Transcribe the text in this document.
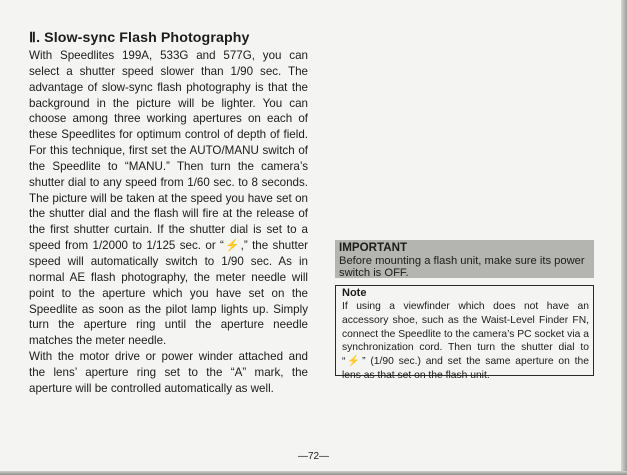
Ⅱ. Slow-sync Flash Photography
With Speedlites 199A, 533G and 577G, you can select a shutter speed slower than 1/90 sec. The advantage of slow-sync flash photography is that the background in the picture will be lighter. You can choose among three working apertures on each of these Speedlites for optimum control of depth of field. For this technique, first set the AUTO/MANU switch of the Speedlite to “MANU.” Then turn the camera’s shutter dial to any speed from 1/60 sec. to 8 seconds. The picture will be taken at the speed you have set on the shutter dial and the flash will fire at the release of the first shutter curtain. If the shutter dial is set to a speed from 1/2000 to 1/125 sec. or “⚡,” the shutter speed will automatically switch to 1/90 sec. As in normal AE flash photography, the meter needle will point to the aperture which you have set on the Speedlite as soon as the pilot lamp lights up. Simply turn the aperture ring until the aperture needle matches the meter needle.
With the motor drive or power winder attached and the lens’ aperture ring set to the “A” mark, the aperture will be controlled automatically as well.
IMPORTANT
Before mounting a flash unit, make sure its power switch is OFF.
Note
If using a viewfinder which does not have an accessory shoe, such as the Waist-Level Finder FN, connect the Speedlite to the camera’s PC socket via a synchronization cord. Then turn the shutter dial to “⚡” (1/90 sec.) and set the same aperture on the lens as that set on the flash unit.
—72—
